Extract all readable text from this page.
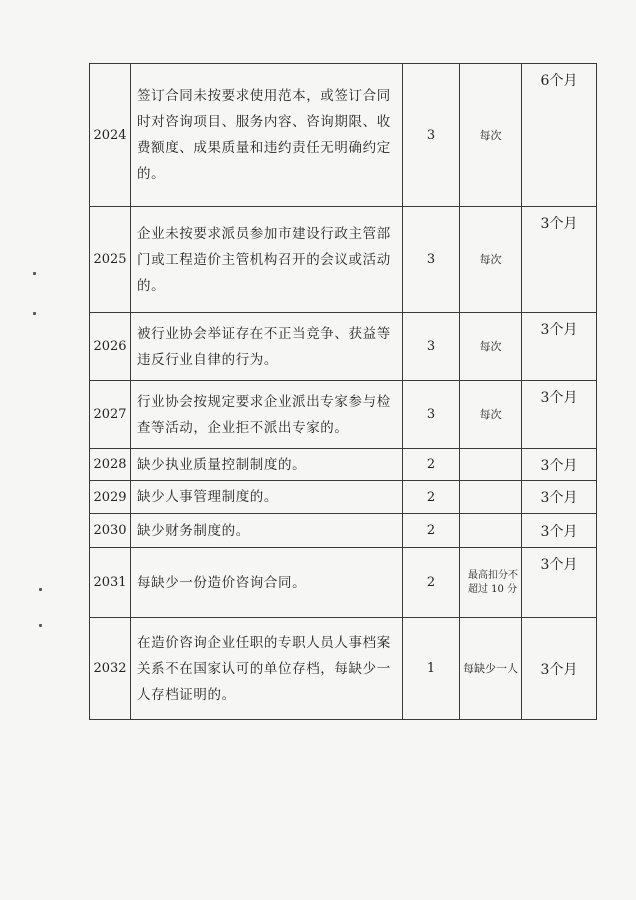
2024	签订合同未按要求使用范本，或签订合同时对咨询项目、服务内容、咨询期限、收费额度、成果质量和违约责任无明确约定的。	3	每次	6个月
2025	企业未按要求派员参加市建设行政主管部门或工程造价主管机构召开的会议或活动的。	3	每次	3个月
2026	被行业协会举证存在不正当竞争、获益等违反行业自律的行为。	3	每次	3个月
2027	行业协会按规定要求企业派出专家参与检查等活动，企业拒不派出专家的。	3	每次	3个月
2028	缺少执业质量控制制度的。	2		3个月
2029	缺少人事管理制度的。	2		3个月
2030	缺少财务制度的。	2		3个月
2031	每缺少一份造价咨询合同。	2	最高扣分不超过 10 分	3个月
2032	在造价咨询企业任职的专职人员人事档案关系不在国家认可的单位存档，每缺少一人存档证明的。	1	每缺少一人	3个月
